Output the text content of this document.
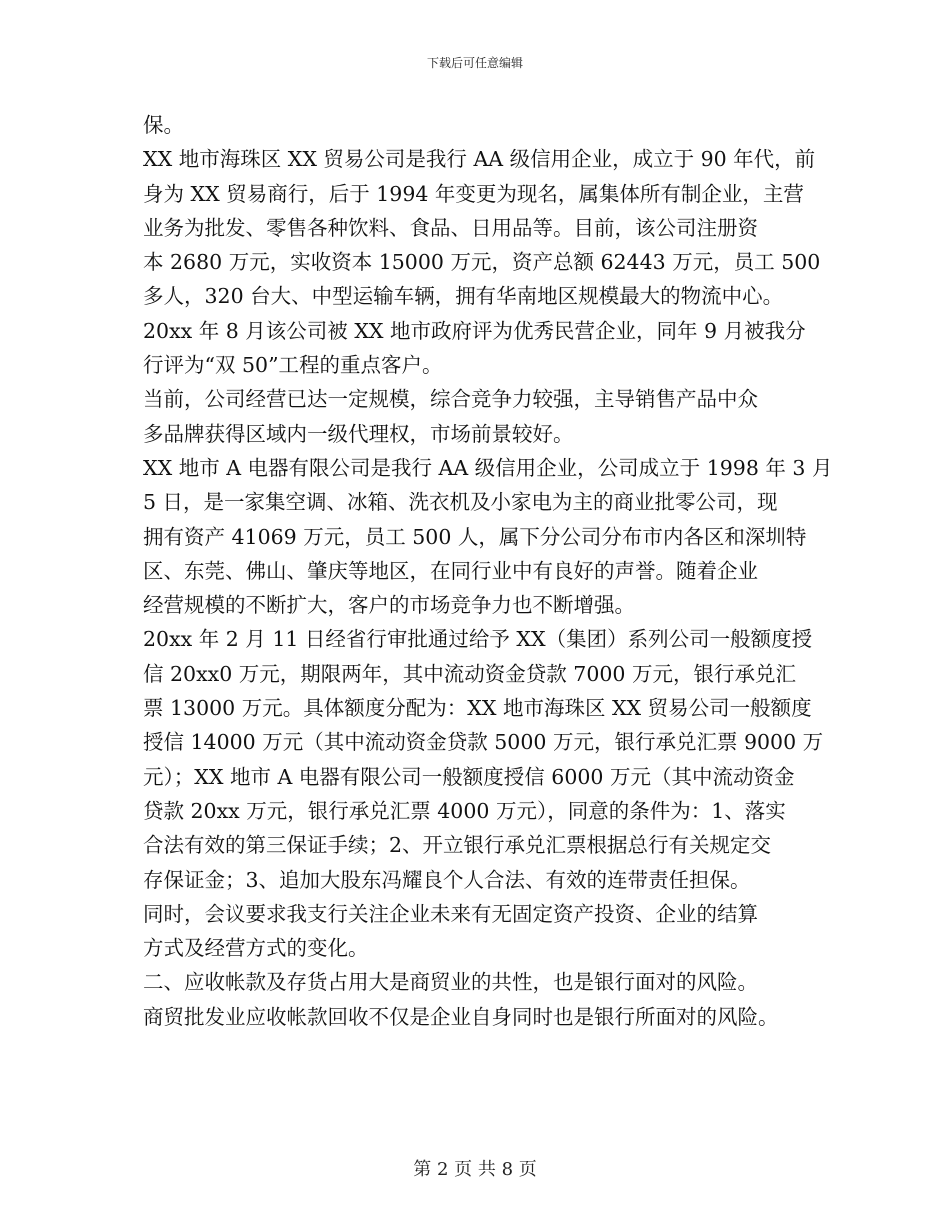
下载后可任意编辑
保。
XX 地市海珠区 XX 贸易公司是我行 AA 级信用企业，成立于 90 年代，前
身为 XX 贸易商行，后于 1994 年变更为现名，属集体所有制企业，主营
业务为批发、零售各种饮料、食品、日用品等。目前，该公司注册资
本 2680 万元，实收资本 15000 万元，资产总额 62443 万元，员工 500
多人，320 台大、中型运输车辆，拥有华南地区规模最大的物流中心。
20xx 年 8 月该公司被 XX 地市政府评为优秀民营企业，同年 9 月被我分
行评为“双 50”工程的重点客户。
当前，公司经营已达一定规模，综合竞争力较强，主导销售产品中众
多品牌获得区域内一级代理权，市场前景较好。
XX 地市 A 电器有限公司是我行 AA 级信用企业，公司成立于 1998 年 3 月
5 日，是一家集空调、冰箱、洗衣机及小家电为主的商业批零公司，现
拥有资产 41069 万元，员工 500 人，属下分公司分布市内各区和深圳特
区、东莞、佛山、肇庆等地区，在同行业中有良好的声誉。随着企业
经营规模的不断扩大，客户的市场竞争力也不断增强。
20xx 年 2 月 11 日经省行审批通过给予 XX（集团）系列公司一般额度授
信 20xx0 万元，期限两年，其中流动资金贷款 7000 万元，银行承兑汇
票 13000 万元。具体额度分配为：XX 地市海珠区 XX 贸易公司一般额度
授信 14000 万元（其中流动资金贷款 5000 万元，银行承兑汇票 9000 万
元）；XX 地市 A 电器有限公司一般额度授信 6000 万元（其中流动资金
贷款 20xx 万元，银行承兑汇票 4000 万元），同意的条件为：1、落实
合法有效的第三保证手续；2、开立银行承兑汇票根据总行有关规定交
存保证金；3、追加大股东冯耀良个人合法、有效的连带责任担保。
同时，会议要求我支行关注企业未来有无固定资产投资、企业的结算
方式及经营方式的变化。
二、应收帐款及存货占用大是商贸业的共性，也是银行面对的风险。
商贸批发业应收帐款回收不仅是企业自身同时也是银行所面对的风险。
第 2 页 共 8 页
